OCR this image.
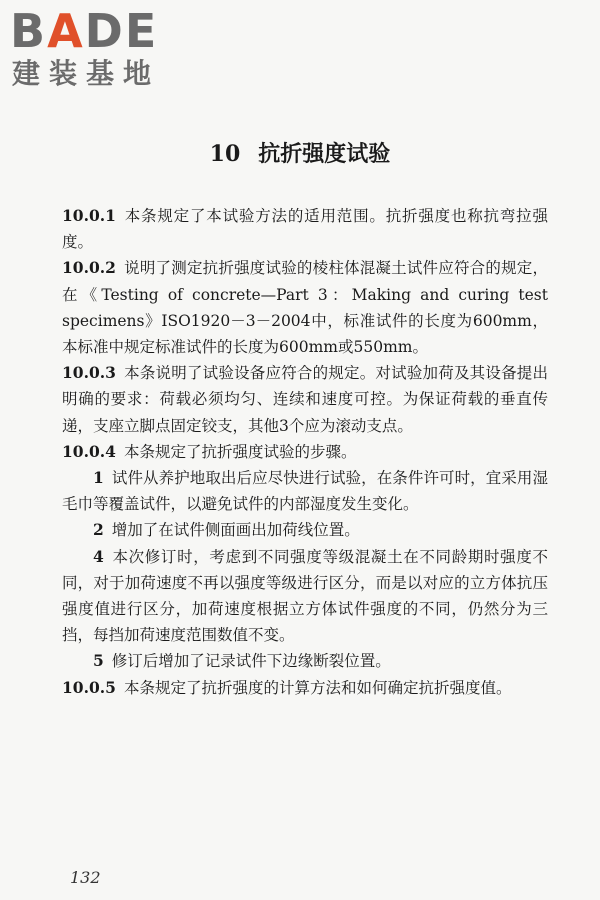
BADE
建装基地
10 抗折强度试验

10.0.1 本条规定了本试验方法的适用范围。抗折强度也称抗弯拉强度。

10.0.2 说明了测定抗折强度试验的棱柱体混凝土试件应符合的规定，在《Testing of concrete—Part 3：Making and curing test specimens》ISO1920－3－2004中，标准试件的长度为600mm，本标准中规定标准试件的长度为600mm或550mm。

10.0.3 本条说明了试验设备应符合的规定。对试验加荷及其设备提出明确的要求：荷载必须均匀、连续和速度可控。为保证荷载的垂直传递，支座立脚点固定铰支，其他3个应为滚动支点。

10.0.4 本条规定了抗折强度试验的步骤。

1 试件从养护地取出后应尽快进行试验，在条件许可时，宜采用湿毛巾等覆盖试件，以避免试件的内部湿度发生变化。

2 增加了在试件侧面画出加荷线位置。

4 本次修订时，考虑到不同强度等级混凝土在不同龄期时强度不同，对于加荷速度不再以强度等级进行区分，而是以对应的立方体抗压强度值进行区分，加荷速度根据立方体试件强度的不同，仍然分为三挡，每挡加荷速度范围数值不变。

5 修订后增加了记录试件下边缘断裂位置。

10.0.5 本条规定了抗折强度的计算方法和如何确定抗折强度值。

132
